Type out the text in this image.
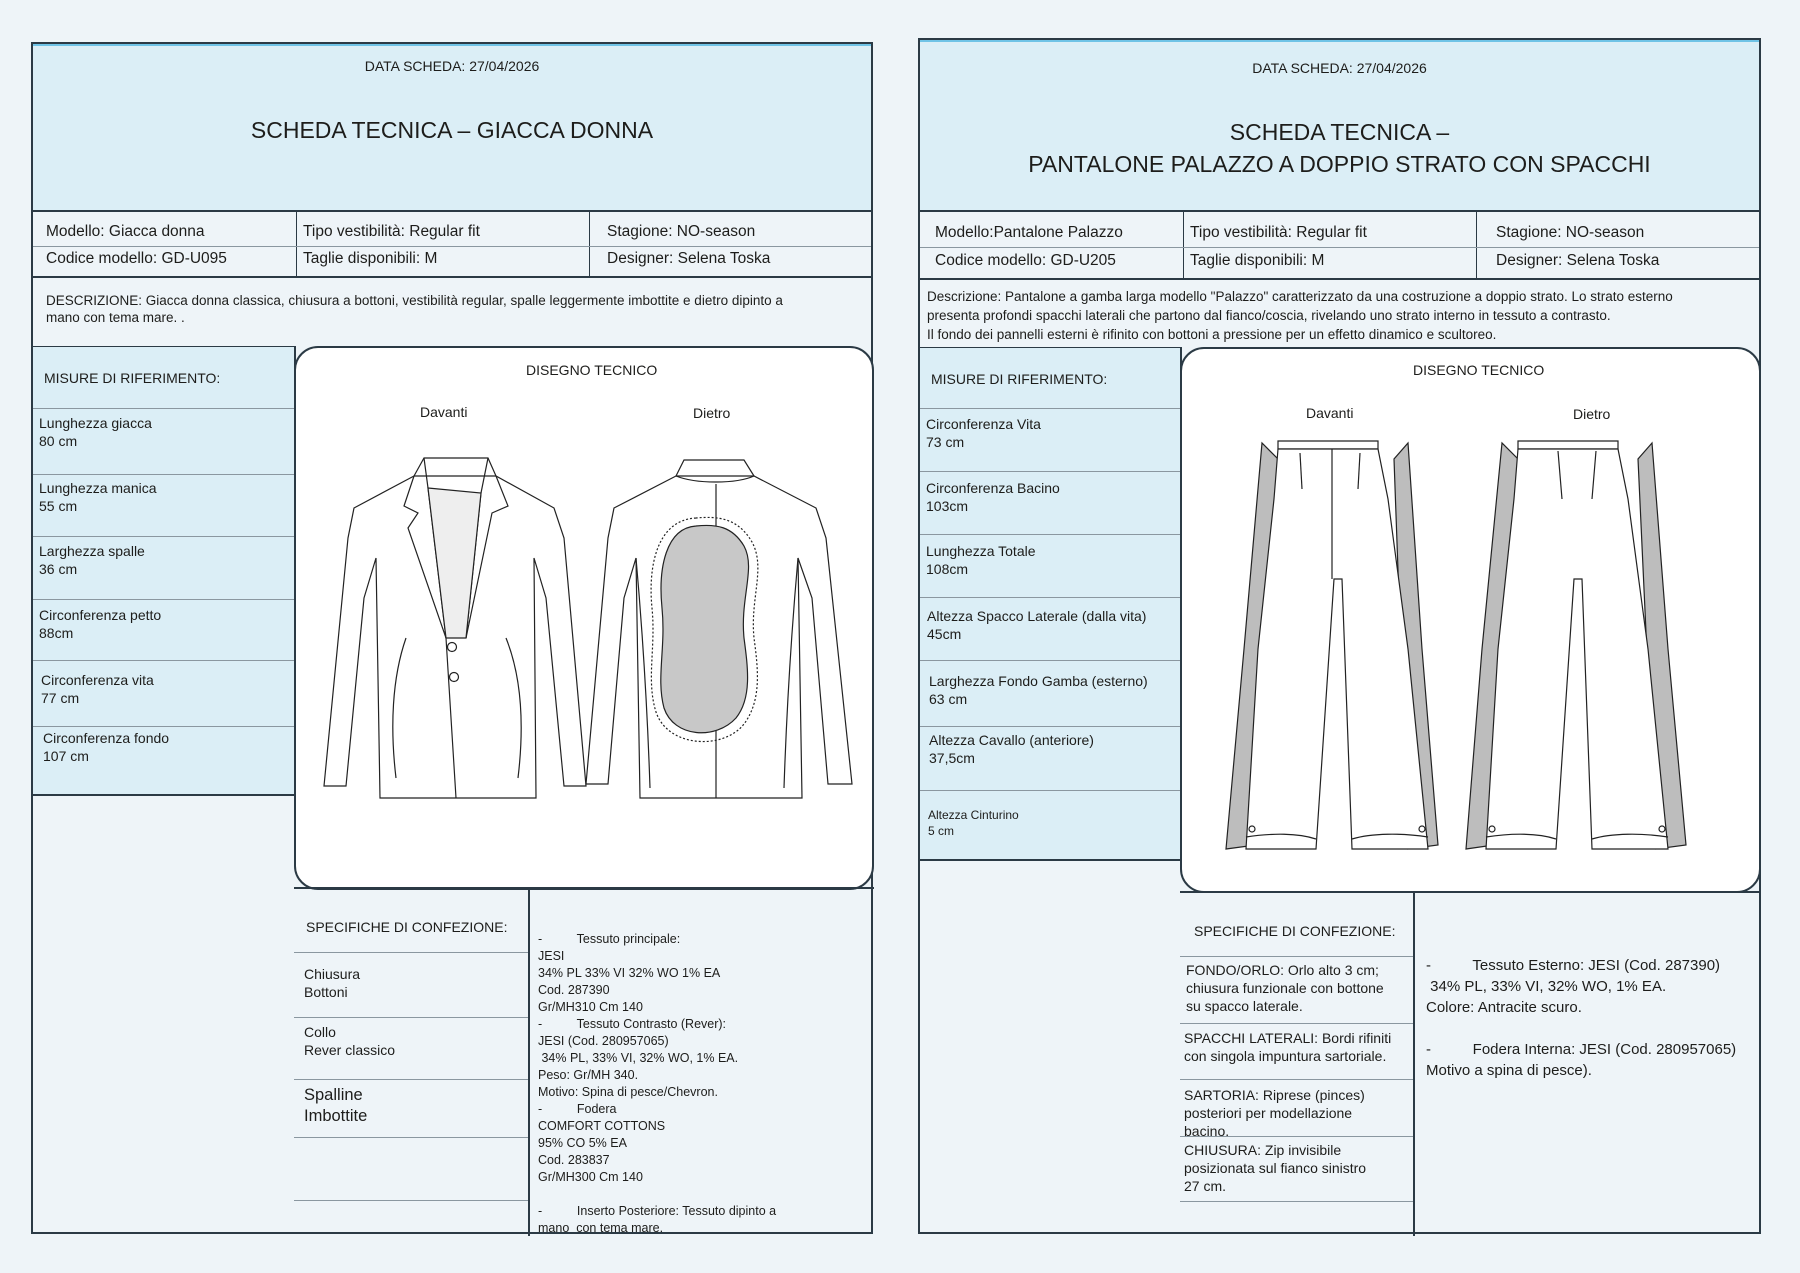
DATA SCHEDA: 27/04/2026
SCHEDA TECNICA – GIACCA DONNA
Modello: Giacca donna
Codice modello: GD-U095
Tipo vestibilità: Regular fit
Taglie disponibili: M
Stagione: NO-season
Designer: Selena Toska
DESCRIZIONE: Giacca donna classica, chiusura a bottoni, vestibilità regular, spalle leggermente imbottite e dietro dipinto a
mano con tema mare. .
MISURE DI RIFERIMENTO:
Lunghezza giacca
80 cm
Lunghezza manica
55 cm
Larghezza spalle
36 cm
Circonferenza petto
88cm
Circonferenza vita
77 cm
Circonferenza fondo
107 cm
DISEGNO TECNICO
Davanti	Dietro
SPECIFICHE DI CONFEZIONE:
Chiusura
Bottoni
Collo
Rever classico
Spalline
Imbottite

-          Tessuto principale:
JESI
34% PL 33% VI 32% WO 1% EA
Cod. 287390
Gr/MH310 Cm 140
-          Tessuto Contrasto (Rever):
JESI (Cod. 280957065)
34% PL, 33% VI, 32% WO, 1% EA.
Peso: Gr/MH 340.
Motivo: Spina di pesce/Chevron.
-          Fodera
COMFORT COTTONS
95% CO 5% EA
Cod. 283837
Gr/MH300 Cm 140

-          Inserto Posteriore: Tessuto dipinto a
mano  con tema mare.

DATA SCHEDA: 27/04/2026
SCHEDA TECNICA –
PANTALONE PALAZZO A DOPPIO STRATO CON SPACCHI
Modello:Pantalone Palazzo
Codice modello: GD-U205
Tipo vestibilità: Regular fit
Taglie disponibili: M
Stagione: NO-season
Designer: Selena Toska
Descrizione: Pantalone a gamba larga modello "Palazzo" caratterizzato da una costruzione a doppio strato. Lo strato esterno
presenta profondi spacchi laterali che partono dal fianco/coscia, rivelando uno strato interno in tessuto a contrasto.
Il fondo dei pannelli esterni è rifinito con bottoni a pressione per un effetto dinamico e scultoreo.
MISURE DI RIFERIMENTO:
Circonferenza Vita
73 cm
Circonferenza Bacino
103cm
Lunghezza Totale
108cm
Altezza Spacco Laterale (dalla vita)
45cm
Larghezza Fondo Gamba (esterno)
63 cm
Altezza Cavallo (anteriore)
37,5cm
Altezza Cinturino
5 cm
DISEGNO TECNICO
Davanti	Dietro
SPECIFICHE DI CONFEZIONE:
FONDO/ORLO: Orlo alto 3 cm;
chiusura funzionale con bottone
su spacco laterale.
SPACCHI LATERALI: Bordi rifiniti
con singola impuntura sartoriale.
SARTORIA: Riprese (pinces)
posteriori per modellazione
bacino.
CHIUSURA: Zip invisibile
posizionata sul fianco sinistro
27 cm.

-          Tessuto Esterno: JESI (Cod. 287390)
34% PL, 33% VI, 32% WO, 1% EA.
Colore: Antracite scuro.

-          Fodera Interna: JESI (Cod. 280957065)
Motivo a spina di pesce).
